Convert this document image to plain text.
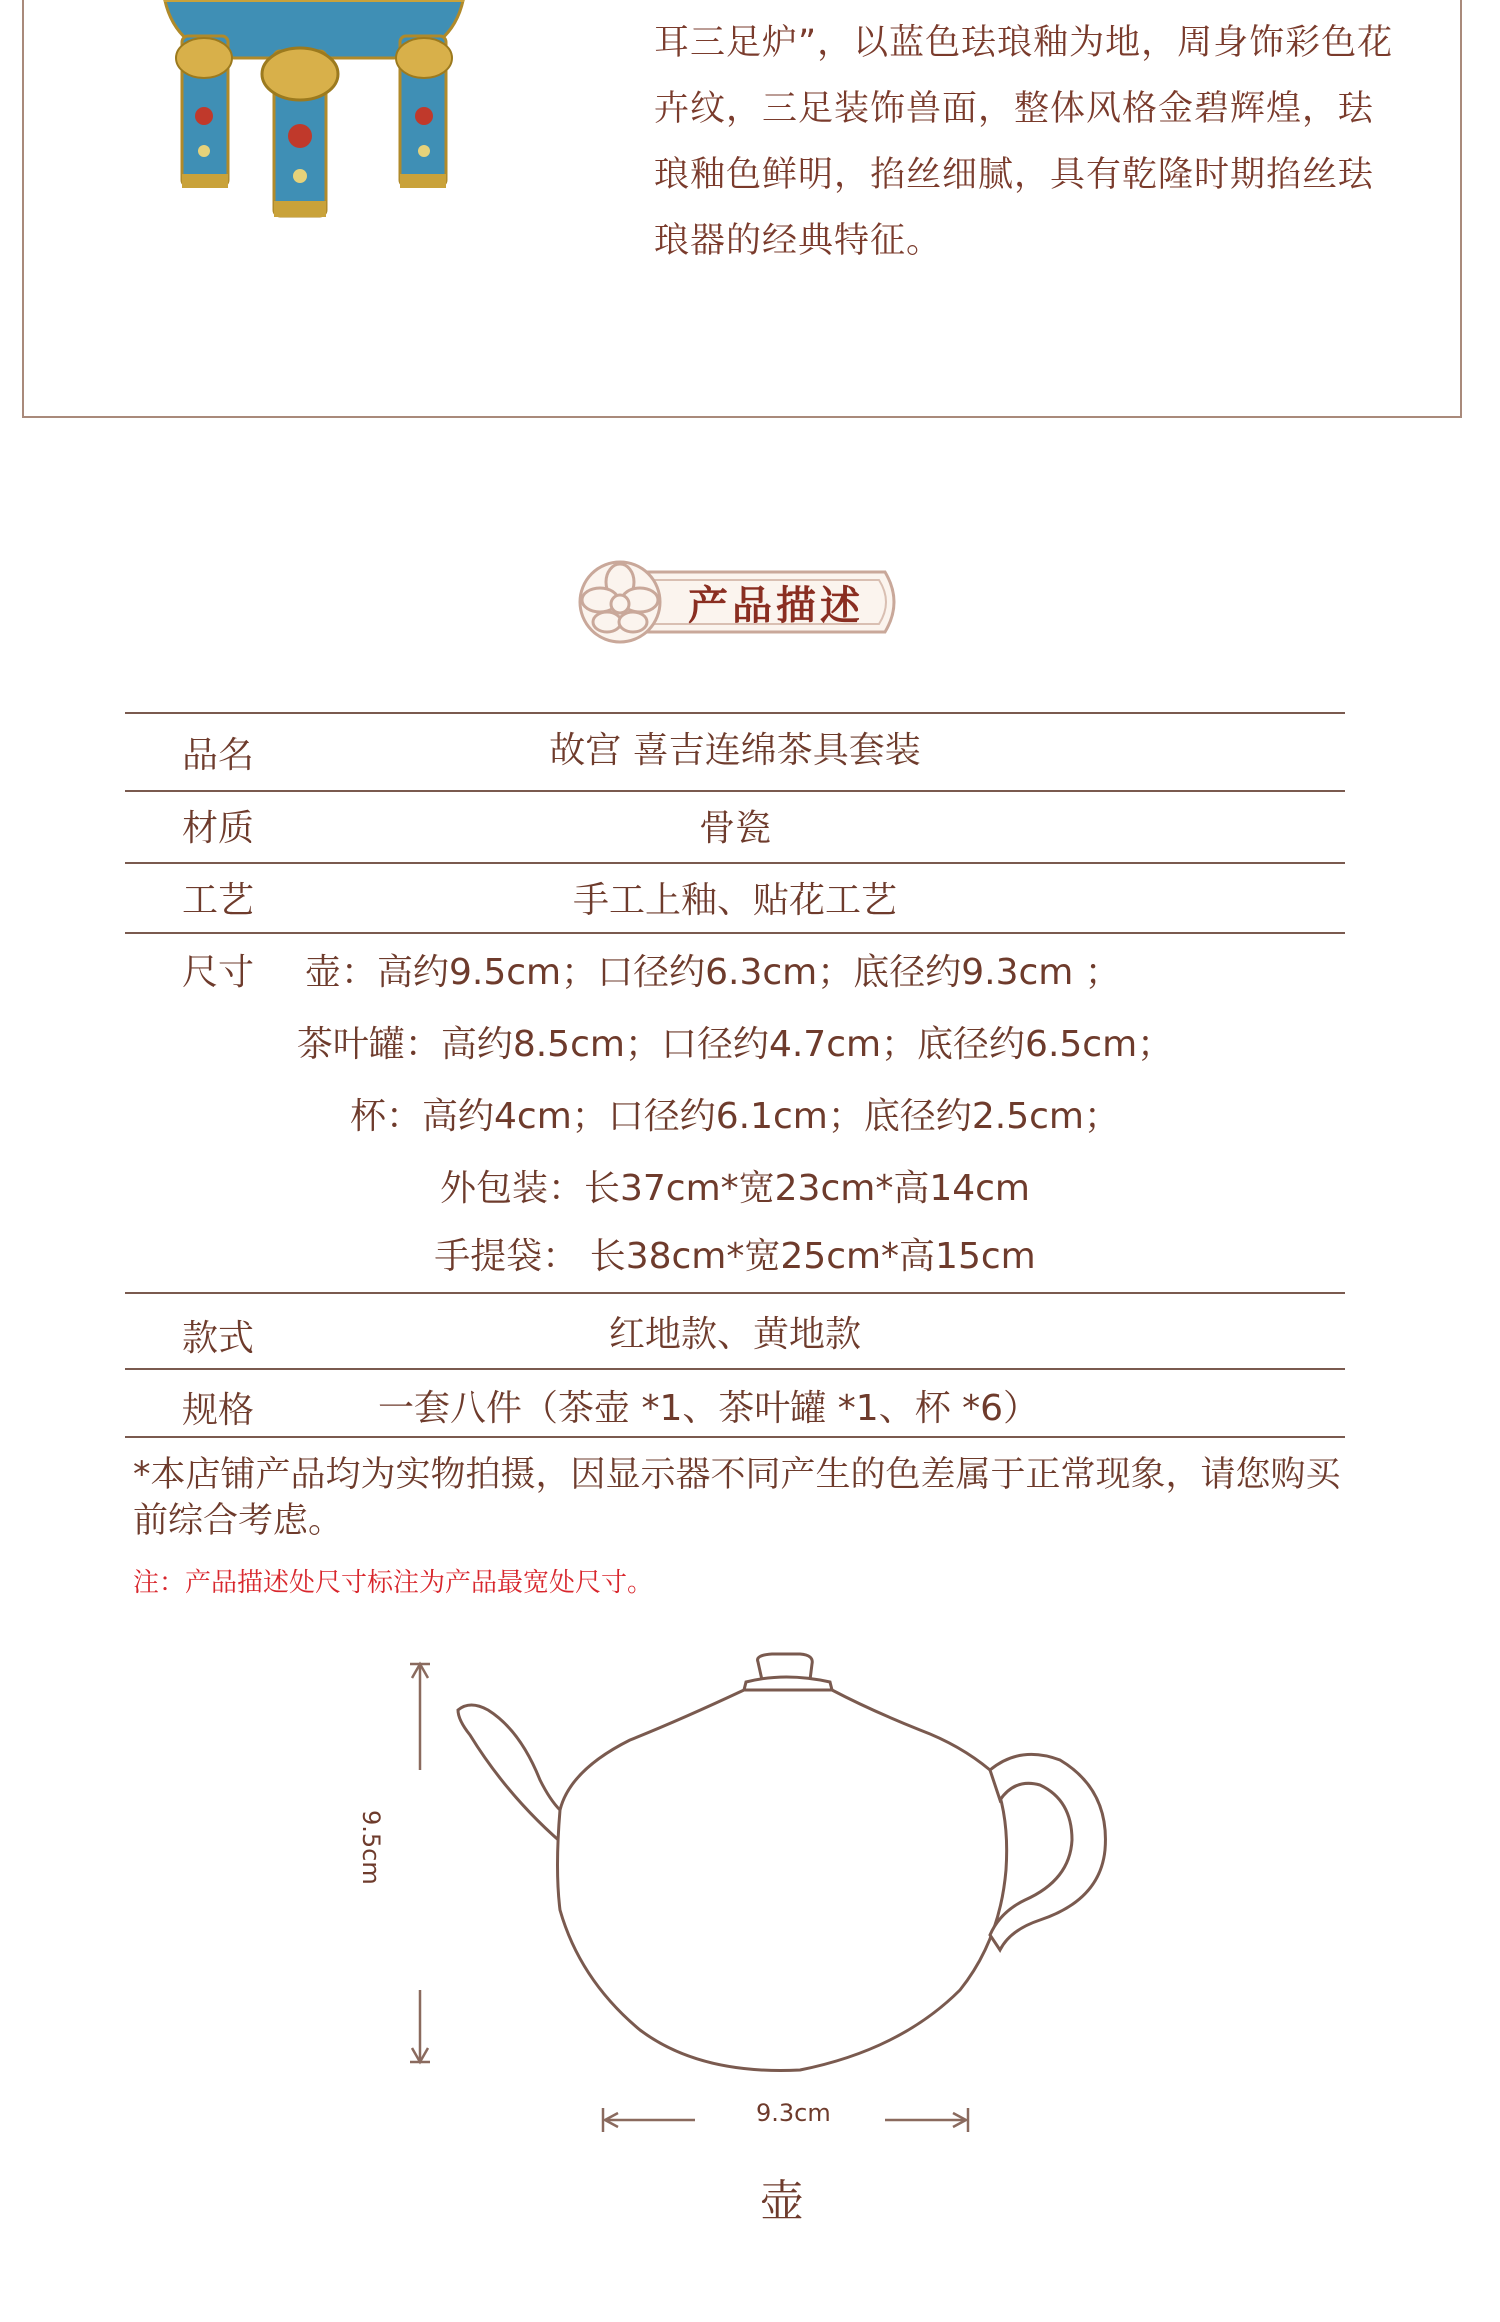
耳三足炉”，以蓝色珐琅釉为地，周身饰彩色花

卉纹，三足装饰兽面，整体风格金碧辉煌，珐

琅釉色鲜明，掐丝细腻，具有乾隆时期掐丝珐

琅器的经典特征。

产品描述
品名	故宫 喜吉连绵茶具套装
材质	骨瓷
工艺	手工上釉、贴花工艺
尺寸 壶：高约9.5cm；口径约6.3cm；底径约9.3cm ；
茶叶罐：高约8.5cm；口径约4.7cm；底径约6.5cm；
杯：高约4cm；口径约6.1cm；底径约2.5cm；
外包装：长37cm*宽23cm*高14cm
手提袋： 长38cm*宽25cm*高15cm
款式	红地款、黄地款
规格	一套八件（茶壶 *1、茶叶罐 *1、杯 *6）
*本店铺产品均为实物拍摄，因显示器不同产生的色差属于正常现象，请您购买前综合考虑。
注：产品描述处尺寸标注为产品最宽处尺寸。
9.5cm
9.3cm
壶
